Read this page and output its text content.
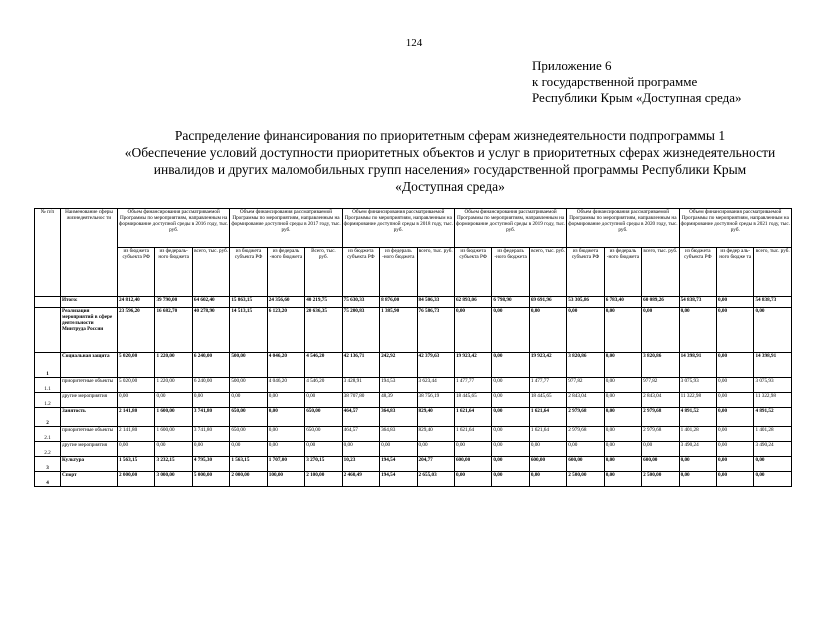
124
Приложение 6
к государственной программе
Республики Крым «Доступная среда»
Распределение финансирования по приоритетным сферам жизнедеятельности подпрограммы 1
«Обеспечение условий доступности приоритетных объектов и услуг в приоритетных сферах жизнедеятельности
инвалидов и других маломобильных групп населения» государственной программы Республики Крым
«Доступная среда»
№ п/п	Наименование сферы жизнедеятельнос ти	Объем финансирования рассматриваемой Программы по мероприятиям, направленным на формирование доступной среды в 2016 году, тыс. руб.			Объем финансирования рассматриваемой Программы по мероприятиям, направленным на формирование доступной среды в 2017 году, тыс. руб.			Объем финансирования рассматриваемой Программы по мероприятиям, направленным на формирование доступной среды в 2018 году, тыс. руб.			Объем финансирования рассматриваемой Программы по мероприятиям, направленным на формирование доступной среды в 2019 году, тыс. руб.			Объем финансирования рассматриваемой Программы по мероприятиям, направленным на формирование доступной среды в 2020 году, тыс. руб.			Объем финансирования рассматриваемой Программы по мероприятиям, направленным на формирование доступной среды в 2021 году, тыс. руб.		
		из бюджета субъекта РФ	из федераль-ного бюджета	всего, тыс. руб.	из бюджета субъекта РФ	из федераль -ного бюджета	Всего, тыс. руб.	из бюджета субъекта РФ	из федераль -ного бюджета	всего, тыс. руб.	из бюджета субъекта РФ	из федераль -ного бюджета	всего, тыс. руб.	из бюджета субъекта РФ	из федераль -ного бюджета	всего, тыс. руб.	из бюджета субъекта РФ	из федер аль-ного бюдже та	всего, тыс. руб.
	Итого:	24 812,40	39 790,00	64 602,40	15 863,15	24 356,60	40 219,75	75 630,33	8 876,00	84 506,33	62 893,06	6 798,90	69 691,96	53 305,86	6 783,40	60 089,26	54 838,73	0,00	54 838,73
	Реализация мероприятий в сфере деятельности Минтруда России	23 596,20	16 682,70	40 278,90	14 513,15	6 123,20	20 636,35	75 200,83	1 385,90	76 586,73	0,00	0,00	0,00	0,00	0,00	0,00	0,00	0,00	0,00
1	Социальная защита	5 020,00	1 220,00	6 240,00	500,00	4 046,20	4 546,20	42 136,71	242,92	42 379,63	19 923,42	0,00	19 923,42	3 820,86	0,00	3 820,86	14 398,91	0,00	14 398,91
1.1	приоритетные объекты	5 020,00	1 220,00	6 240,00	500,00	4 046,20	4 546,20	3 428,91	194,53	3 623,44	1 477,77	0,00	1 477,77	977,82	0,00	977,82	3 075,93	0,00	3 075,93
1.2	другие мероприятия	0,00	0,00	0,00	0,00	0,00	0,00	38 707,80	48,39	38 756,19	18 445,65	0,00	18 445,65	2 843,04	0,00	2 843,04	11 322,98	0,00	11 322,98
2	Занятость	2 141,80	1 600,00	3 741,80	650,00	0,00	650,00	464,57	364,83	829,40	1 621,64	0,00	1 621,64	2 979,68	0,00	2 979,68	4 891,52	0,00	4 891,52
2.1	приоритетные объекты	2 141,80	1 600,00	3 741,80	650,00	0,00	650,00	464,57	364,83	829,40	1 621,64	0,00	1 621,64	2 979,68	0,00	2 979,68	1 401,28	0,00	1 401,28
2.2	другие мероприятия	0,00	0,00	0,00	0,00	0,00	0,00	0,00	0,00	0,00	0,00	0,00	0,00	0,00	0,00	0,00	3 490,24	0,00	3 490,24
3	Культура	1 563,15	3 232,15	4 795,30	1 563,15	1 707,00	3 270,15	10,23	194,54	204,77	600,00	0,00	600,00	600,00	0,00	600,00	0,00	0,00	0,00
4	Спорт	2 000,00	3 000,00	5 000,00	2 000,00	100,00	2 100,00	2 460,49	194,54	2 655,03	0,00	0,00	0,00	2 500,00	0,00	2 500,00	0,00	0,00	0,00
